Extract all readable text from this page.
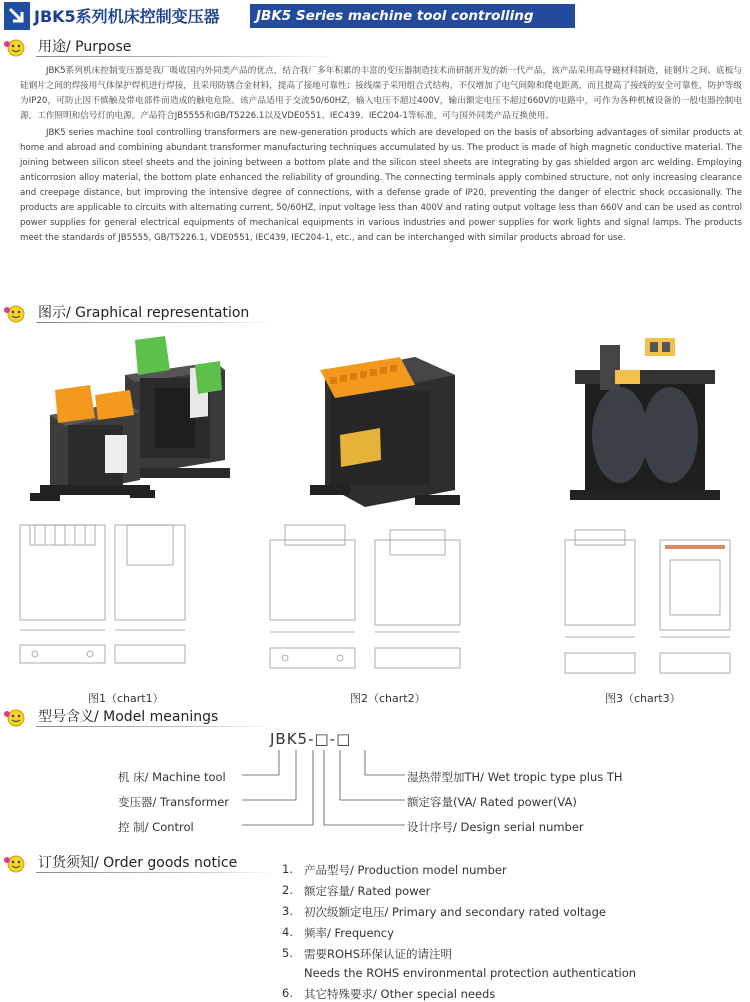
JBK5系列机床控制变压器	JBK5 Series machine tool controlling transformer
用途/ Purpose

JBK5系列机床控制变压器是我厂吸收国内外同类产品的优点，结合我厂多年积累的丰富的变压器制造技术而研制开发的新一代产品，该产品采用高导磁材料制造，硅钢片之间、底板与硅钢片之间的焊接用气体保护焊机进行焊接，且采用防锈合金材料，提高了接地可靠性；接线端子采用组合式结构，不仅增加了电气间隙和爬电距离，而且提高了接线的安全可靠性，防护等级为IP20，可防止因不慎触及带电部件而造成的触电危险。该产品适用于交流50/60HZ，输入电压不超过400V，输出额定电压不超过660V的电路中，可作为各种机械设备的一般电器控制电源，工作照明和信号灯的电源。产品符合JB5555和GB/T5226.1以及VDE0551、IEC439、IEC204-1等标准，可与国外同类产品互换使用。

JBK5 series machine tool controlling transformers are new-generation products which are developed on the basis of absorbing advantages of similar products at home and abroad and combining abundant transformer manufacturing techniques accumulated by us. The product is made of high magnetic conductive material. The joining between silicon steel sheets and the joining between a bottom plate and the silicon steel sheets are integrating by gas shielded argon arc welding. Employing anticorrosion alloy material, the bottom plate enhanced the reliability of grounding. The connecting terminals apply combined structure, not only increasing clearance and creepage distance, but improving the intensive degree of connections, with a defense grade of IP20, preventing the danger of electric shock occasionally. The products are applicable to circuits with alternating current, 50/60HZ, input voltage less than 400V and rating output voltage less than 660V and can be used as control power supplies for general electrical equipments of mechanical equipments in various industries and power supplies for work lights and signal lamps. The products meet the standards of JB5555, GB/T5226.1, VDE0551, IEC439, IEC204-1, etc., and can be interchanged with similar products abroad for use.

图示/ Graphical representation
图1（chart1）	图2（chart2）	图3（chart3）
型号含义/ Model meanings
JBK5-□-□
机 床/ Machine tool
变压器/ Transformer
控 制/ Control
湿热带型加TH/ Wet tropic type plus TH
额定容量(VA/ Rated power(VA)
设计序号/ Design serial number
订货须知/ Order goods notice	1. 产品型号/ Production model number
2. 额定容量/ Rated power
3. 初次级额定电压/ Primary and secondary rated voltage
4. 频率/ Frequency
5. 需要ROHS环保认证的请注明
Needs the ROHS environmental protection authentication
6. 其它特殊要求/ Other special needs
